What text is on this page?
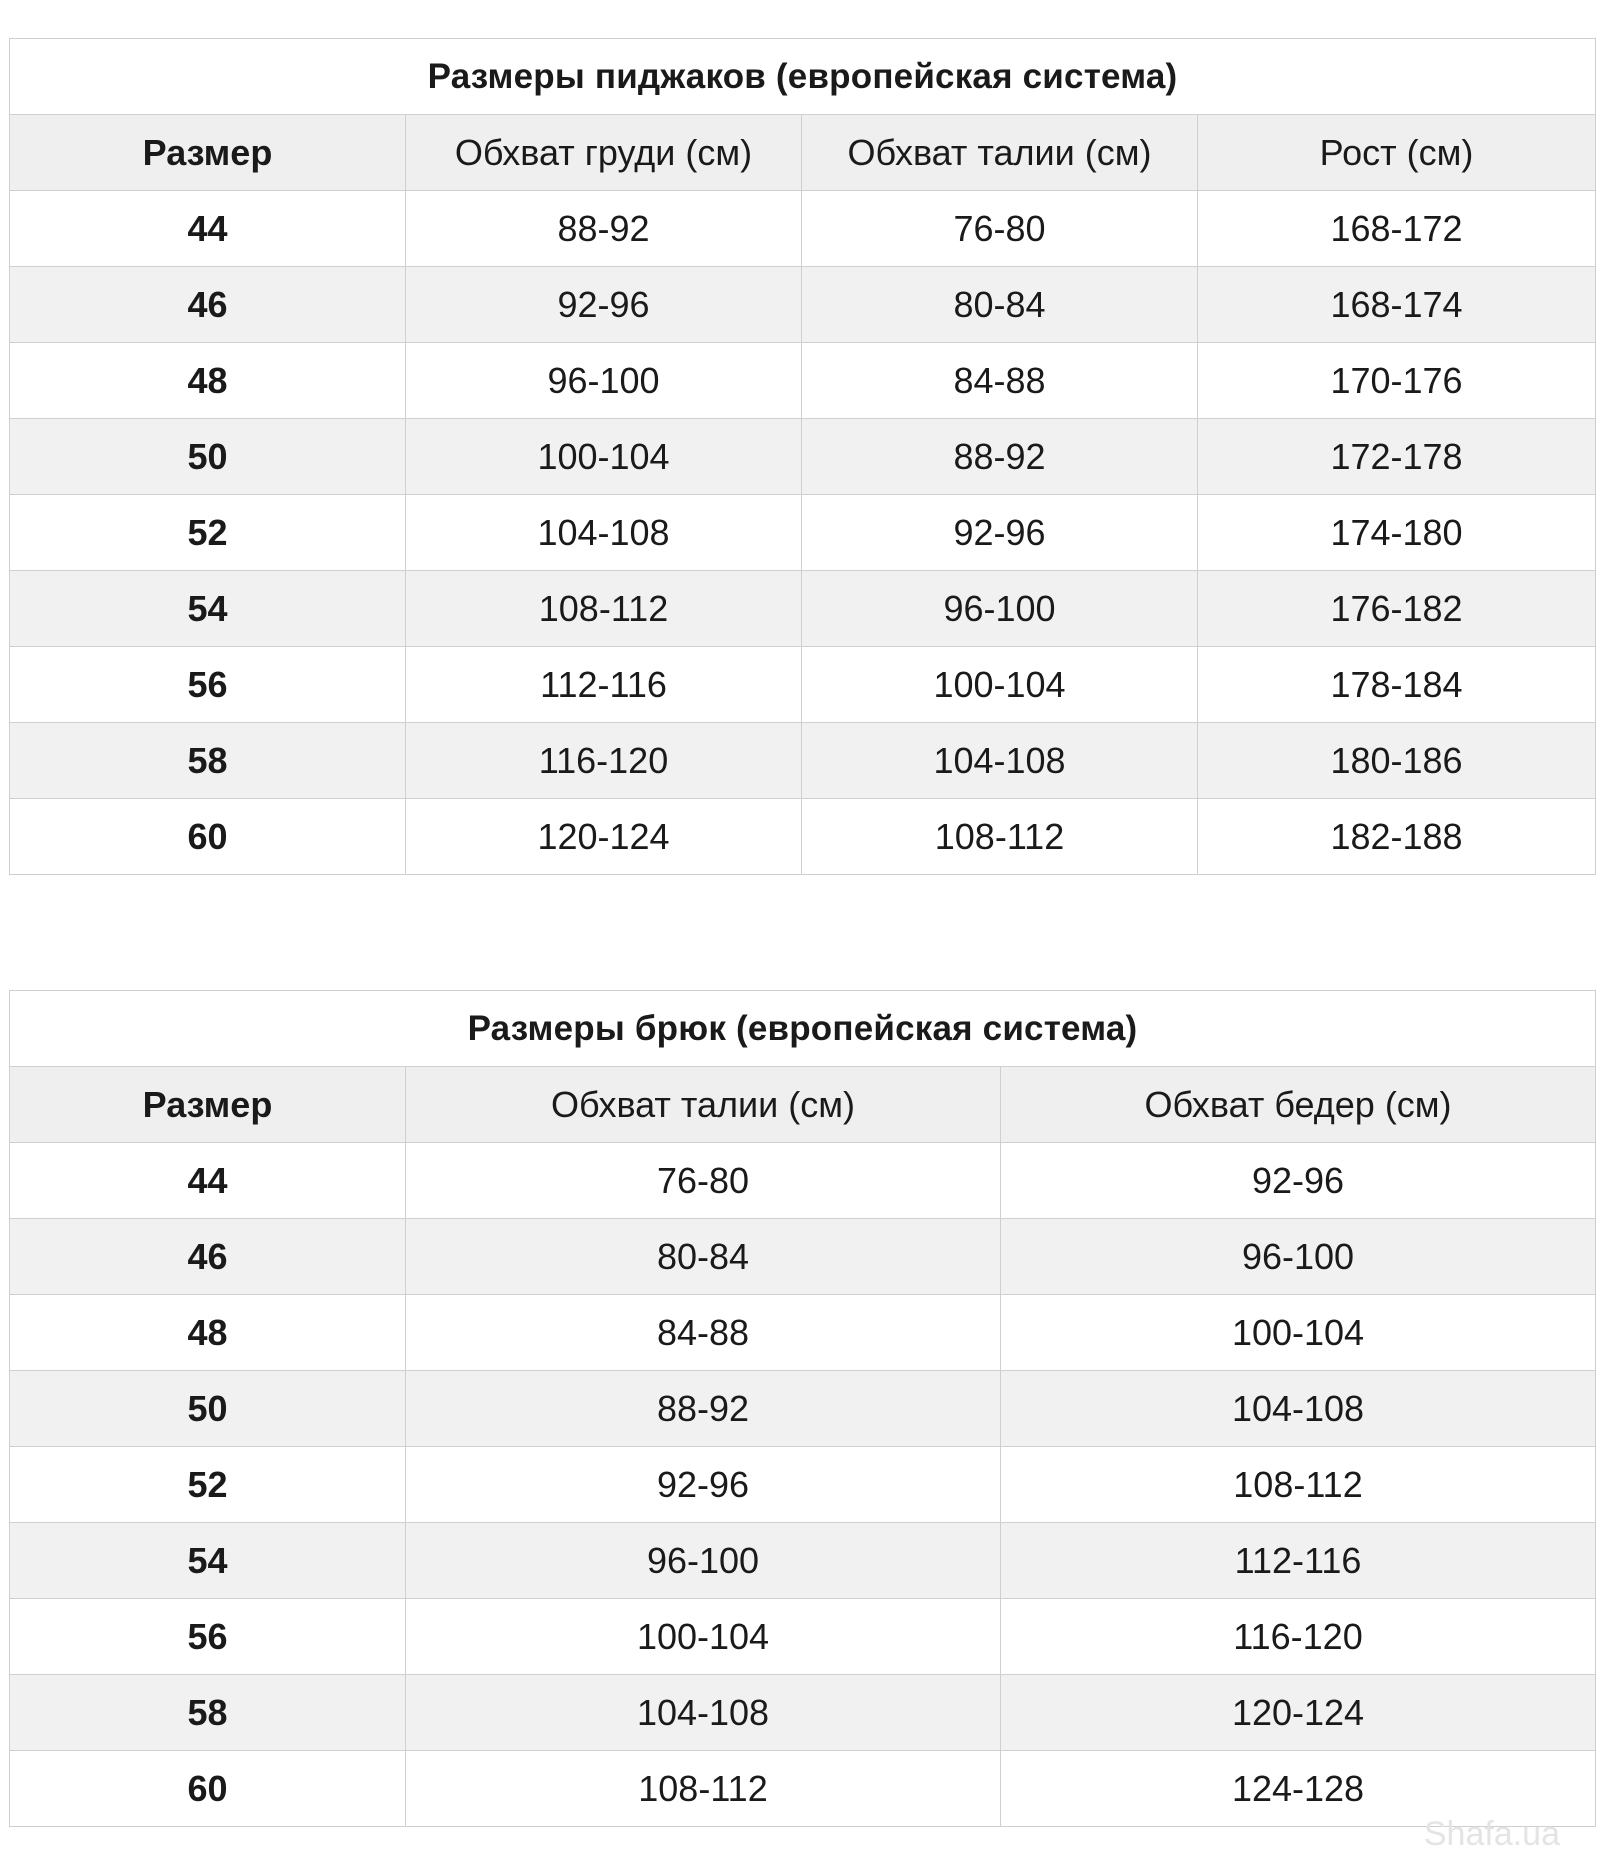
Размеры пиджаков (европейская система)			
Размер	Обхват груди (см)	Обхват талии (см)	Рост (см)
44	88-92	76-80	168-172
46	92-96	80-84	168-174
48	96-100	84-88	170-176
50	100-104	88-92	172-178
52	104-108	92-96	174-180
54	108-112	96-100	176-182
56	112-116	100-104	178-184
58	116-120	104-108	180-186
60	120-124	108-112	182-188
Размеры брюк (европейская система)		
Размер	Обхват талии (см)	Обхват бедер (см)
44	76-80	92-96
46	80-84	96-100
48	84-88	100-104
50	88-92	104-108
52	92-96	108-112
54	96-100	112-116
56	100-104	116-120
58	104-108	120-124
60	108-112	124-128
Shafa.ua
